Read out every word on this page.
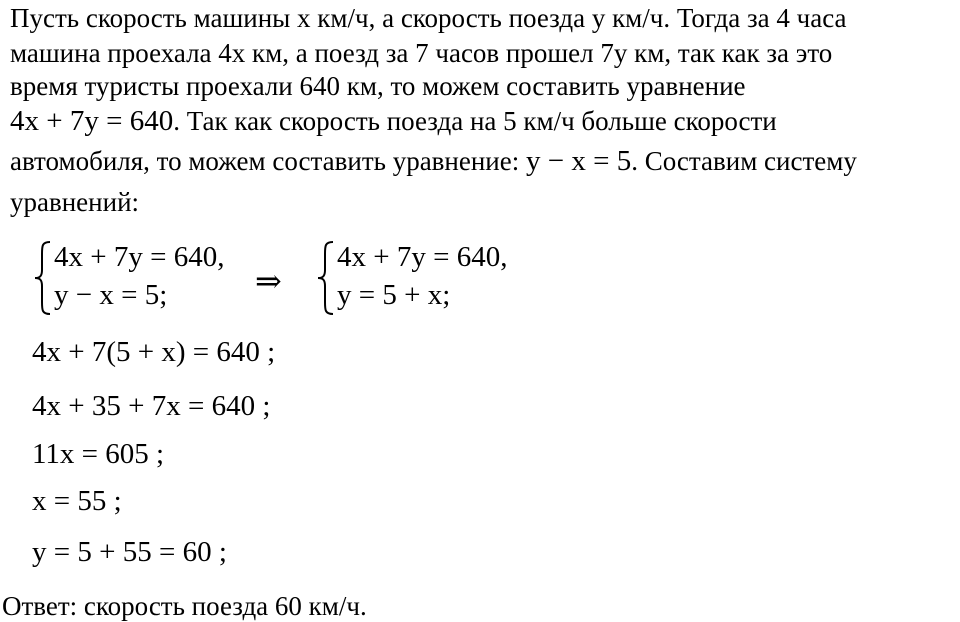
Пусть скорость машины x км/ч, а скорость поезда y км/ч. Тогда за 4 часа
машина проехала 4x км, а поезд за 7 часов прошел 7y км, так как за это
время туристы проехали 640 км, то можем составить уравнение
4x + 7y = 640. Так как скорость поезда на 5 км/ч больше скорости
автомобиля, то можем составить уравнение: y − x = 5. Составим систему
уравнений:
4x + 7y = 640,
y − x = 5;	⇒
4x + 7y = 640,
y = 5 + x;
4x + 7(5 + x) = 640 ;
4x + 35 + 7x = 640 ;
11x = 605 ;
x = 55 ;
y = 5 + 55 = 60 ;
Ответ: скорость поезда 60 км/ч.
